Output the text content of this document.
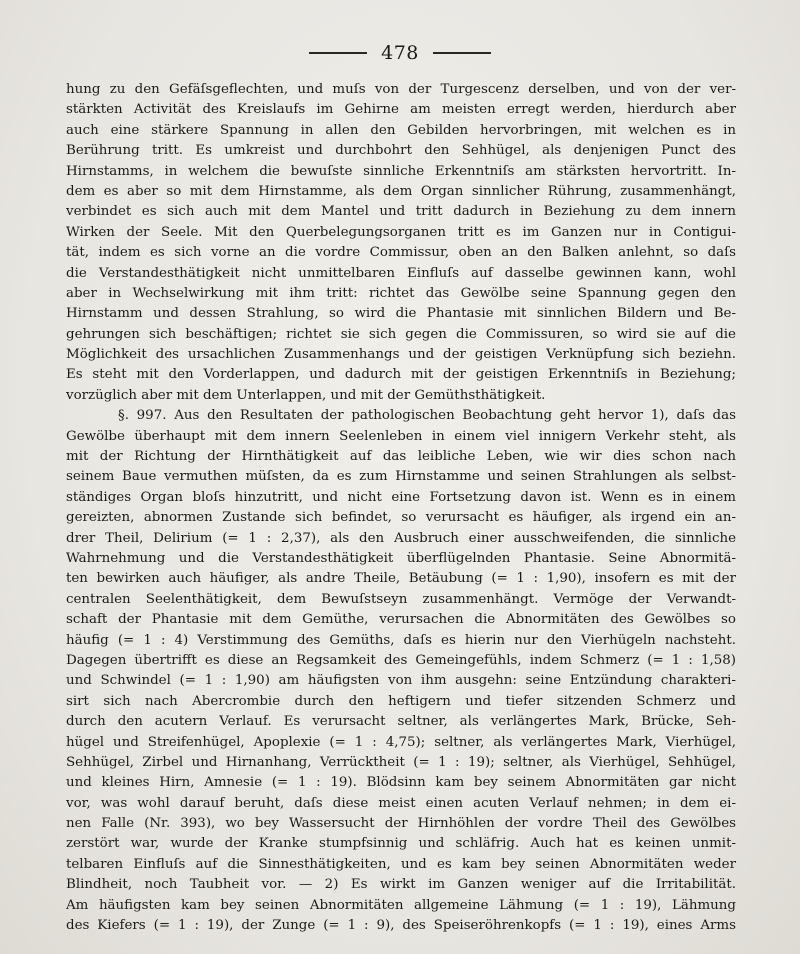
478
hung zu den Gefäſsgeflechten, und muſs von der Turgescenz derselben, und von der ver-
stärkten Activität des Kreislaufs im Gehirne am meisten erregt werden, hierdurch aber
auch eine stärkere Spannung in allen den Gebilden hervorbringen, mit welchen es in
Berührung tritt. Es umkreist und durchbohrt den Sehhügel, als denjenigen Punct des
Hirnstamms, in welchem die bewuſste sinnliche Erkenntniſs am stärksten hervortritt. In-
dem es aber so mit dem Hirnstamme, als dem Organ sinnlicher Rührung, zusammenhängt,
verbindet es sich auch mit dem Mantel und tritt dadurch in Beziehung zu dem innern
Wirken der Seele. Mit den Querbelegungsorganen tritt es im Ganzen nur in Contigui-
tät, indem es sich vorne an die vordre Commissur, oben an den Balken anlehnt, so daſs
die Verstandesthätigkeit nicht unmittelbaren Einfluſs auf dasselbe gewinnen kann, wohl
aber in Wechselwirkung mit ihm tritt: richtet das Gewölbe seine Spannung gegen den
Hirnstamm und dessen Strahlung, so wird die Phantasie mit sinnlichen Bildern und Be-
gehrungen sich beschäftigen; richtet sie sich gegen die Commissuren, so wird sie auf die
Möglichkeit des ursachlichen Zusammenhangs und der geistigen Verknüpfung sich beziehn.
Es steht mit den Vorderlappen, und dadurch mit der geistigen Erkenntniſs in Beziehung;
vorzüglich aber mit dem Unterlappen, und mit der Gemüthsthätigkeit.
§. 997. Aus den Resultaten der pathologischen Beobachtung geht hervor 1), daſs das
Gewölbe überhaupt mit dem innern Seelenleben in einem viel innigern Verkehr steht, als
mit der Richtung der Hirnthätigkeit auf das leibliche Leben, wie wir dies schon nach
seinem Baue vermuthen müſsten, da es zum Hirnstamme und seinen Strahlungen als selbst-
ständiges Organ bloſs hinzutritt, und nicht eine Fortsetzung davon ist. Wenn es in einem
gereizten, abnormen Zustande sich befindet, so verursacht es häufiger, als irgend ein an-
drer Theil, Delirium (= 1 : 2,37), als den Ausbruch einer ausschweifenden, die sinnliche
Wahrnehmung und die Verstandesthätigkeit überflügelnden Phantasie. Seine Abnormitä-
ten bewirken auch häufiger, als andre Theile, Betäubung (= 1 : 1,90), insofern es mit der
centralen Seelenthätigkeit, dem Bewuſstseyn zusammenhängt. Vermöge der Verwandt-
schaft der Phantasie mit dem Gemüthe, verursachen die Abnormitäten des Gewölbes so
häufig (= 1 : 4) Verstimmung des Gemüths, daſs es hierin nur den Vierhügeln nachsteht.
Dagegen übertrifft es diese an Regsamkeit des Gemeingefühls, indem Schmerz (= 1 : 1,58)
und Schwindel (= 1 : 1,90) am häufigsten von ihm ausgehn: seine Entzündung charakteri-
sirt sich nach Abercrombie durch den heftigern und tiefer sitzenden Schmerz und
durch den acutern Verlauf. Es verursacht seltner, als verlängertes Mark, Brücke, Seh-
hügel und Streifenhügel, Apoplexie (= 1 : 4,75); seltner, als verlängertes Mark, Vierhügel,
Sehhügel, Zirbel und Hirnanhang, Verrücktheit (= 1 : 19); seltner, als Vierhügel, Sehhügel,
und kleines Hirn, Amnesie (= 1 : 19). Blödsinn kam bey seinem Abnormitäten gar nicht
vor, was wohl darauf beruht, daſs diese meist einen acuten Verlauf nehmen; in dem ei-
nen Falle (Nr. 393), wo bey Wassersucht der Hirnhöhlen der vordre Theil des Gewölbes
zerstört war, wurde der Kranke stumpfsinnig und schläfrig. Auch hat es keinen unmit-
telbaren Einfluſs auf die Sinnesthätigkeiten, und es kam bey seinen Abnormitäten weder
Blindheit, noch Taubheit vor. — 2) Es wirkt im Ganzen weniger auf die Irritabilität.
Am häufigsten kam bey seinen Abnormitäten allgemeine Lähmung (= 1 : 19), Lähmung
des Kiefers (= 1 : 19), der Zunge (= 1 : 9), des Speiseröhrenkopfs (= 1 : 19), eines Arms
